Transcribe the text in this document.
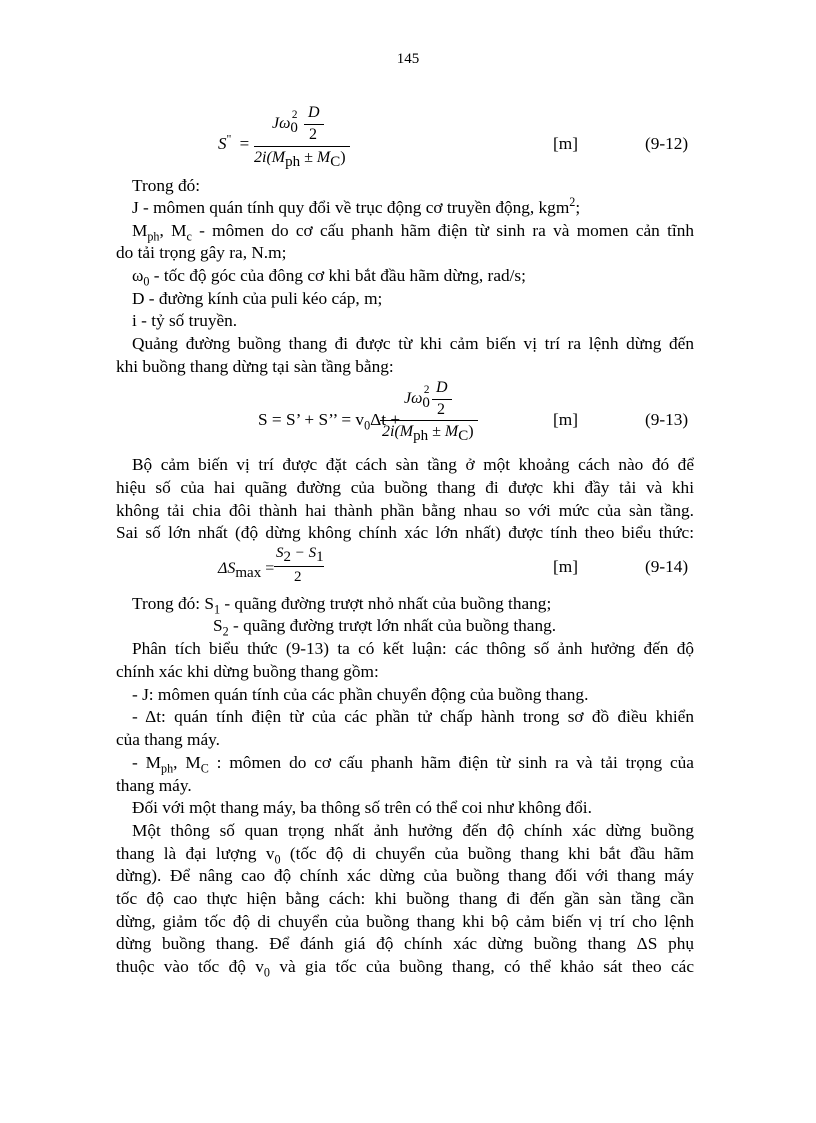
145
S" =
D
$J\omega_0^2$
2
$2i(M_{ph} \pm M_C)$
[m]	(9-12)
Trong đó:
J - mômen quán tính quy đổi về trục động cơ truyền động, kgm$^2$;
$M_{ph}$, $M_c$ - mômen do cơ cấu phanh hãm điện từ sinh ra và momen cản tĩnh
do tải trọng gây ra, N.m;
$\omega_0$ - tốc độ góc của đông cơ khi bắt đầu hãm dừng, rad/s;
D - đường kính của puli kéo cáp, m;
i - tỷ số truyền.
Quảng đường buồng thang đi được từ khi cảm biến vị trí ra lệnh dừng đến
khi buồng thang dừng tại sàn tầng bằng:
S = S’ + S’’ = $v_0\Delta t$ +
D
$J\omega_0^2$
2
$2i(M_{ph} \pm M_C)$
[m]	(9-13)
Bộ cảm biến vị trí được đặt cách sàn tầng ở một khoảng cách nào đó để
hiệu số của hai quãng đường của buồng thang đi được khi đầy tải và khi
không tải chia đôi thành hai thành phần bằng nhau so với mức của sàn tầng.
Sai số lớn nhất (độ dừng không chính xác lớn nhất) được tính theo biểu thức:
$\Delta S_{max}$ =
$S_2 - S_1$
2
[m]	(9-14)
Trong đó: $S_1$ - quãng đường trượt nhỏ nhất của buồng thang;
$S_2$ - quãng đường trượt lớn nhất của buồng thang.
Phân tích biểu thức (9-13) ta có kết luận: các thông số ảnh hưởng đến độ
chính xác khi dừng buồng thang gồm:
- J: mômen quán tính của các phần chuyển động của buồng thang.
- Δt: quán tính điện từ của các phần tử chấp hành trong sơ đồ điều khiển
của thang máy.
- $M_{ph}$, $M_C$ : mômen do cơ cấu phanh hãm điện từ sinh ra và tải trọng của
thang máy.
Đối với một thang máy, ba thông số trên có thể coi như không đổi.
Một thông số quan trọng nhất ảnh hưởng đến độ chính xác dừng buồng
thang là đại lượng $v_0$ (tốc độ di chuyển của buồng thang khi bắt đầu hãm
dừng). Để nâng cao độ chính xác dừng của buồng thang đối với thang máy
tốc độ cao thực hiện bằng cách: khi buồng thang đi đến gần sàn tầng cần
dừng, giảm tốc độ di chuyển của buồng thang khi bộ cảm biến vị trí cho lệnh
dừng buồng thang. Để đánh giá độ chính xác dừng buồng thang ΔS phụ
thuộc vào tốc độ $v_0$ và gia tốc của buồng thang, có thể khảo sát theo các
